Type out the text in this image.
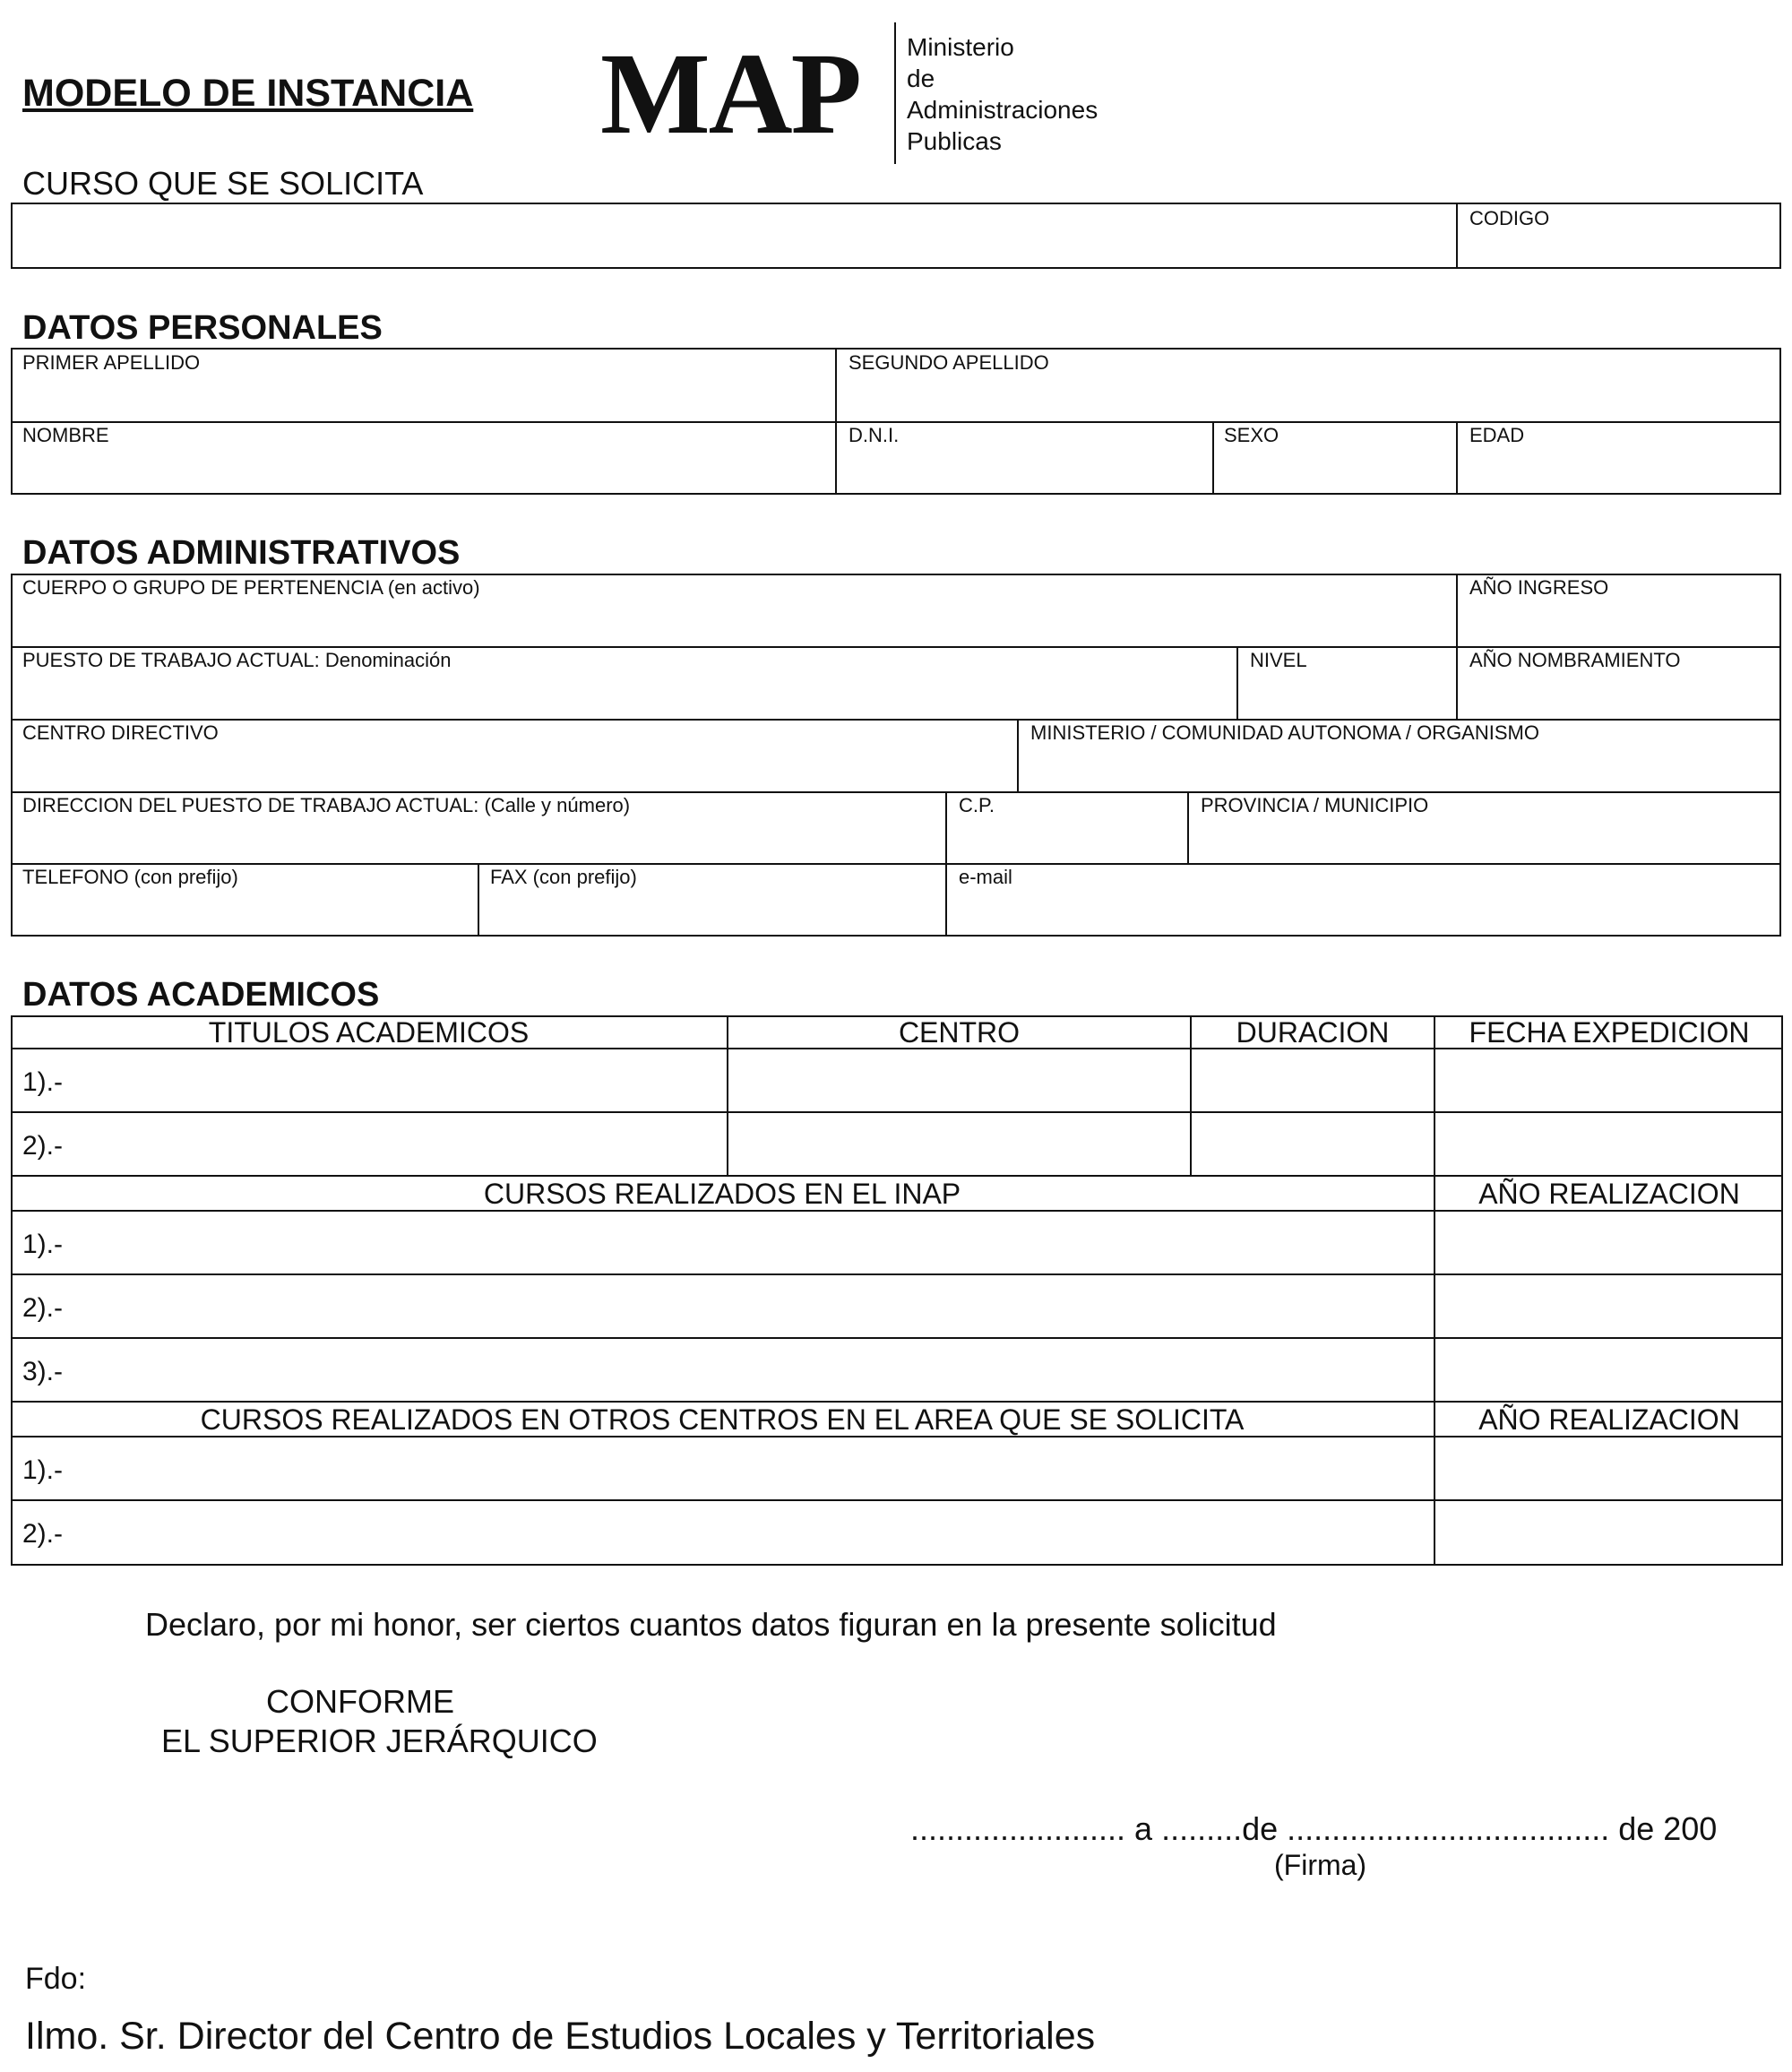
MODELO DE INSTANCIA MAP Ministerio
de
Administraciones
Publicas
CURSO QUE SE SOLICITA
CODIGO
DATOS PERSONALES
PRIMER APELLIDO	SEGUNDO APELLIDO
NOMBRE	D.N.I.	SEXO	EDAD
DATOS ADMINISTRATIVOS
CUERPO O GRUPO DE PERTENENCIA (en activo)	AÑO INGRESO
PUESTO DE TRABAJO ACTUAL: Denominación	NIVEL	AÑO NOMBRAMIENTO
CENTRO DIRECTIVO	MINISTERIO / COMUNIDAD AUTONOMA / ORGANISMO
DIRECCION DEL PUESTO DE TRABAJO ACTUAL: (Calle y número)	C.P.	PROVINCIA / MUNICIPIO
TELEFONO (con prefijo)	FAX (con prefijo)	e-mail
DATOS ACADEMICOS
TITULOS ACADEMICOS	CENTRO	DURACION	FECHA EXPEDICION
1).-
2).-
CURSOS REALIZADOS EN EL INAP	AÑO REALIZACION
1).-
2).-
3).-
CURSOS REALIZADOS EN OTROS CENTROS EN EL AREA QUE SE SOLICITA	AÑO REALIZACION
1).-
2).-
Declaro, por mi honor, ser ciertos cuantos datos figuran en la presente solicitud
CONFORME
EL SUPERIOR JERÁRQUICO
........................ a .........de .................................... de 200
(Firma)
Fdo:
Ilmo. Sr. Director del Centro de Estudios Locales y Territoriales
